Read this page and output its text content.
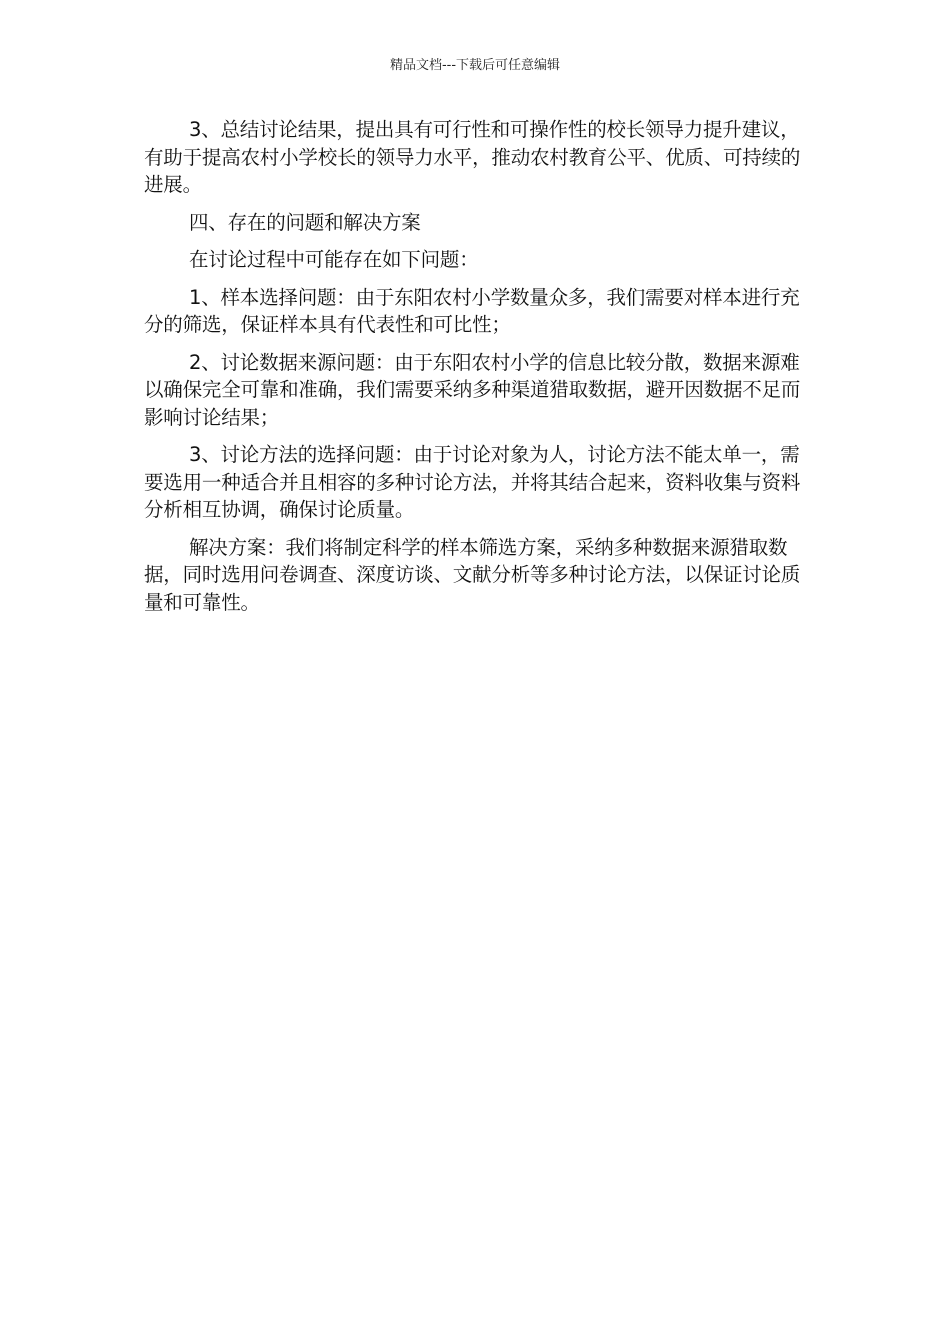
精品文档---下载后可任意编辑

3、总结讨论结果，提出具有可行性和可操作性的校长领导力提升建议，有助于提高农村小学校长的领导力水平，推动农村教育公平、优质、可持续的进展。

四、存在的问题和解决方案

在讨论过程中可能存在如下问题：

1、样本选择问题：由于东阳农村小学数量众多，我们需要对样本进行充分的筛选，保证样本具有代表性和可比性；

2、讨论数据来源问题：由于东阳农村小学的信息比较分散，数据来源难以确保完全可靠和准确，我们需要采纳多种渠道猎取数据，避开因数据不足而影响讨论结果；

3、讨论方法的选择问题：由于讨论对象为人，讨论方法不能太单一，需要选用一种适合并且相容的多种讨论方法，并将其结合起来，资料收集与资料分析相互协调，确保讨论质量。

解决方案：我们将制定科学的样本筛选方案，采纳多种数据来源猎取数据，同时选用问卷调查、深度访谈、文献分析等多种讨论方法，以保证讨论质量和可靠性。
